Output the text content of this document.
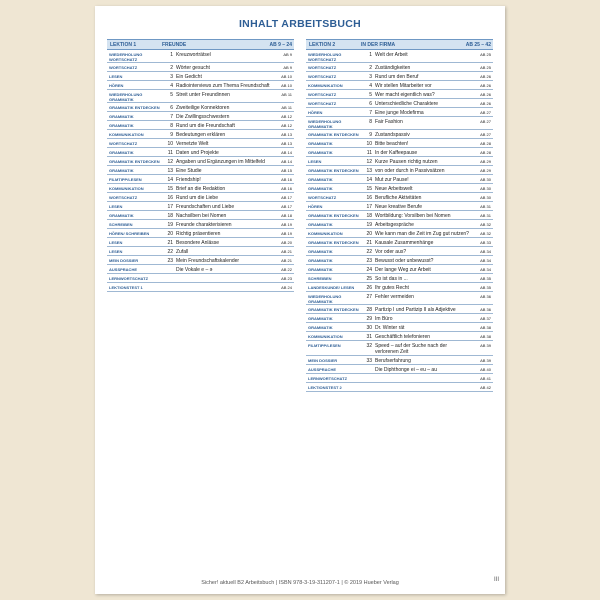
INHALT ARBEITSBUCH
LEKTION 1	FREUNDE	AB 9 – 24
WIEDERHOLUNG WORTSCHATZ
1 Kreuzworträtsel	AB 9
WORTSCHATZ	2 Wörter gesucht	AB 9
LESEN	3 Ein Gedicht	AB 10
HÖREN	4 Radiointerviews zum Thema Freundschaft	AB 10
WIEDERHOLUNG GRAMMATIK
5 Streit unter Freundinnen	AB 11
GRAMMATIK ENTDECKEN	6 Zweiteilige Konnektoren	AB 11
GRAMMATIK	7 Die Zwillingsschwestern	AB 12
GRAMMATIK	8 Rund um die Freundschaft	AB 12
KOMMUNIKATION	9 Bedeutungen erklären	AB 13
WORTSCHATZ	10 Vernetzte Welt	AB 13
GRAMMATIK	11 Daten und Projekte	AB 14
GRAMMATIK ENTDECKEN	12 Angaben und Ergänzungen im Mittelfeld	AB 14
GRAMMATIK	13 Eine Studie	AB 15
FILMTIPP/LESEN	14 Friendship!	AB 16
KOMMUNIKATION	15 Brief an die Redaktion	AB 16
WORTSCHATZ	16 Rund um die Liebe	AB 17
LESEN	17 Freundschaften und Liebe	AB 17
GRAMMATIK	18 Nachsilben bei Nomen	AB 18
SCHREIBEN	19 Freunde charakterisieren	AB 19
HÖREN/ SCHREIBEN	20 Richtig präsentieren	AB 19
LESEN	21 Besondere Anlässe	AB 20
LESEN	22 Zufall	AB 21
MEIN DOSSIER	23 Mein Freundschaftskalender	AB 21
AUSSPRACHE	Die Vokale e – ə	AB 22
LERNWORTSCHATZ	AB 23
LEKTIONSTEST 1	AB 24
LEKTION 2	IN DER FIRMA	AB 25 – 42
WIEDERHOLUNG WORTSCHATZ
1 Welt der Arbeit	AB 25
WORTSCHATZ	2 Zuständigkeiten	AB 25
WORTSCHATZ	3 Rund um den Beruf	AB 26
KOMMUNIKATION	4 Wir stellen Mitarbeiter vor	AB 26
WORTSCHATZ	5 Wer macht eigentlich was?	AB 26
WORTSCHATZ	6 Unterschiedliche Charaktere	AB 26
HÖREN	7 Eine junge Modefirma	AB 27
WIEDERHOLUNG GRAMMATIK
8 Fair Fashion	AB 27
GRAMMATIK ENTDECKEN	9 Zustandspassiv	AB 27
GRAMMATIK	10 Bitte beachten!	AB 28
GRAMMATIK	11 In der Kaffeepause	AB 28
LESEN	12 Kurze Pausen richtig nutzen	AB 29
GRAMMATIK ENTDECKEN	13 von oder durch in Passivsätzen	AB 29
GRAMMATIK	14 Mut zur Pause!	AB 30
GRAMMATIK	15 Neue Arbeitswelt	AB 30
WORTSCHATZ	16 Berufliche Aktivitäten	AB 30
HÖREN	17 Neue kreative Berufe	AB 31
GRAMMATIK ENTDECKEN	18 Wortbildung: Vorsilben bei Nomen	AB 31
GRAMMATIK	19 Arbeitsgespräche	AB 32
KOMMUNIKATION	20 Wie kann man die Zeit im Zug gut nutzen?	AB 32
GRAMMATIK ENTDECKEN	21 Kausale Zusammenhänge	AB 33
GRAMMATIK	22 Vor oder aus?	AB 34
GRAMMATIK	23 Bewusst oder unbewusst?	AB 34
GRAMMATIK	24 Der lange Weg zur Arbeit	AB 34
SCHREIBEN	25 So ist das in ...	AB 35
LANDESKUNDE/ LESEN	26 Ihr gutes Recht	AB 35
WIEDERHOLUNG GRAMMATIK
27 Fehler vermeiden	AB 36
GRAMMATIK ENTDECKEN	28 Partizip I und Partizip II als Adjektive	AB 36
GRAMMATIK	29 Im Büro	AB 37
GRAMMATIK	30 Dr. Winter rät	AB 38
KOMMUNIKATION	31 Geschäftlich telefonieren	AB 38
FILMTIPP/LESEN	32 Speed – auf der Suche nach der verlorenen Zeit
AB 39
MEIN DOSSIER	33 Berufserfahrung	AB 39
AUSSPRACHE	Die Diphthonge ei – eu – au	AB 40
LERNWORTSCHATZ	AB 41
LEKTIONSTEST 2	AB 42
Sicher! aktuell B2 Arbeitsbuch | ISBN 978-3-19-311207-1 | © 2019 Hueber Verlag	III
